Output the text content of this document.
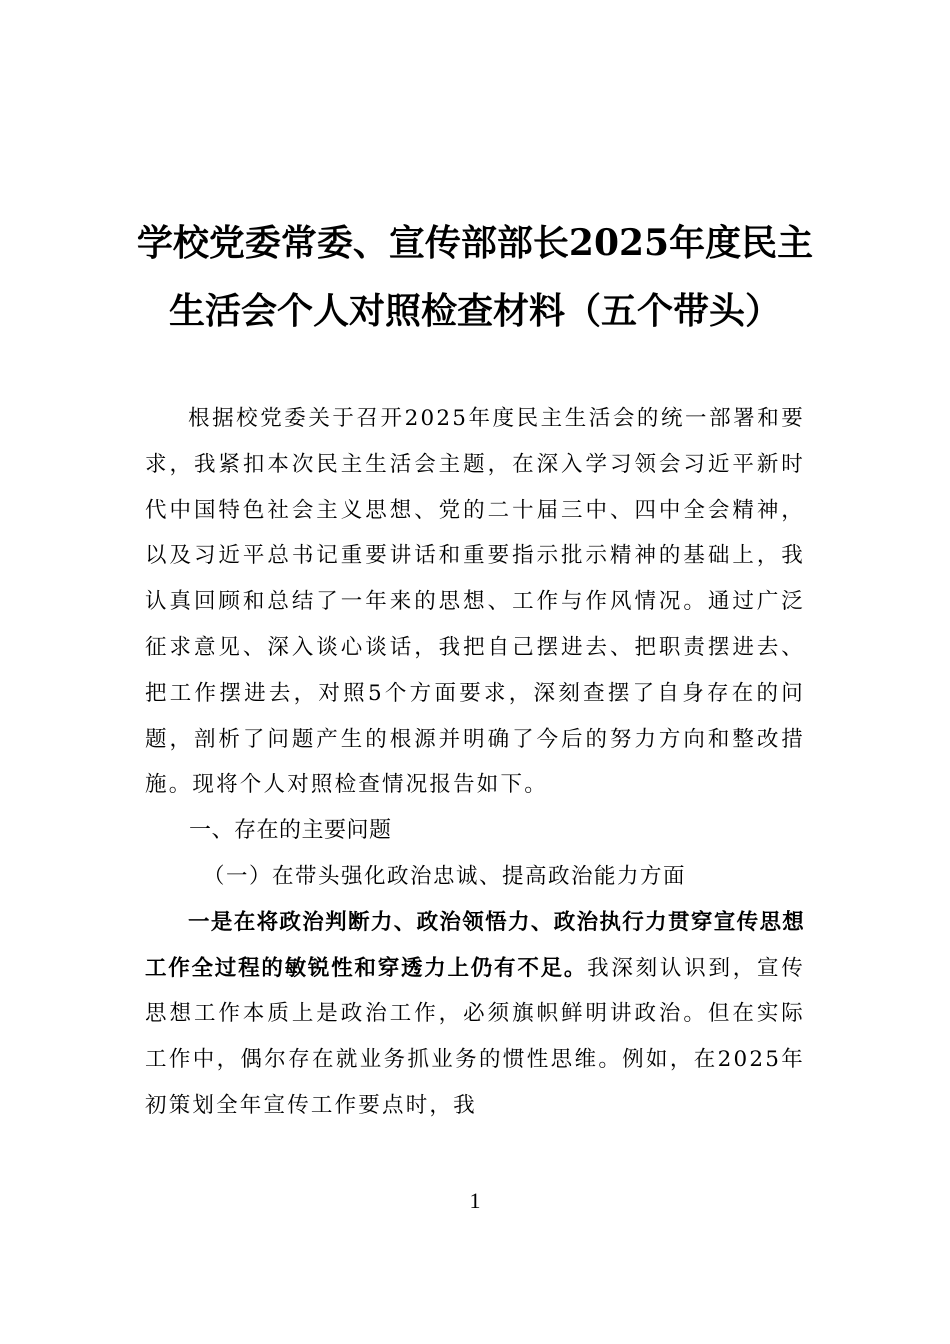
学校党委常委、宣传部部长2025年度民主
生活会个人对照检查材料（五个带头）

根据校党委关于召开2025年度民主生活会的统一部署和要求，我紧扣本次民主生活会主题，在深入学习领会习近平新时代中国特色社会主义思想、党的二十届三中、四中全会精神，以及习近平总书记重要讲话和重要指示批示精神的基础上，我认真回顾和总结了一年来的思想、工作与作风情况。通过广泛征求意见、深入谈心谈话，我把自己摆进去、把职责摆进去、把工作摆进去，对照5个方面要求，深刻查摆了自身存在的问题，剖析了问题产生的根源并明确了今后的努力方向和整改措施。现将个人对照检查情况报告如下。

一、存在的主要问题

（一）在带头强化政治忠诚、提高政治能力方面

一是在将政治判断力、政治领悟力、政治执行力贯穿宣传思想工作全过程的敏锐性和穿透力上仍有不足。我深刻认识到，宣传思想工作本质上是政治工作，必须旗帜鲜明讲政治。但在实际工作中，偶尔存在就业务抓业务的惯性思维。例如，在2025年初策划全年宣传工作要点时，我

1
